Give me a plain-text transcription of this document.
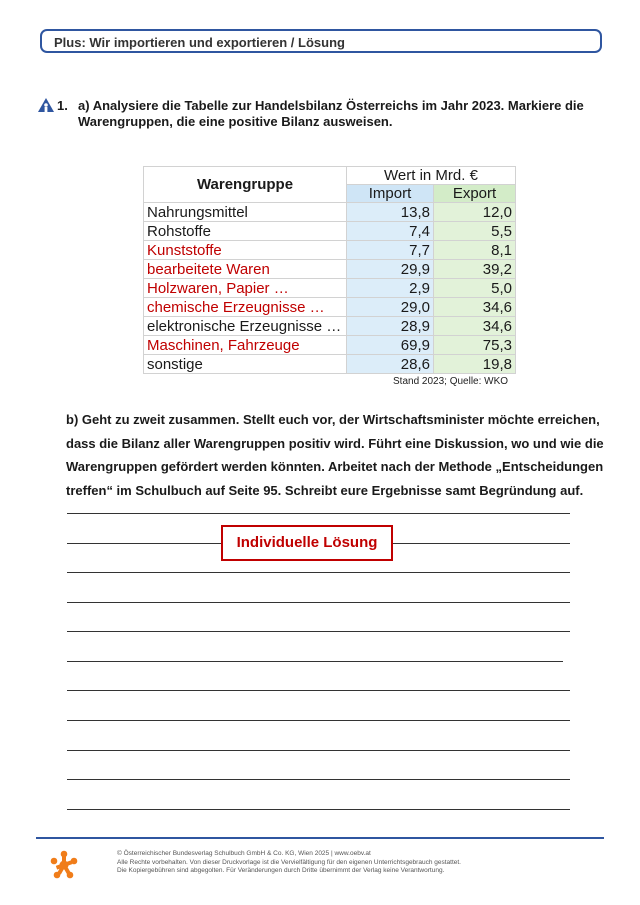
Plus: Wir importieren und exportieren / Lösung
1. a) Analysiere die Tabelle zur Handelsbilanz Österreichs im Jahr 2023. Markiere die Warengruppen, die eine positive Bilanz ausweisen.
Warengruppe	Wert in Mrd. €	
	Import	Export
Nahrungsmittel	13,8	12,0
Rohstoffe	7,4	5,5
Kunststoffe	7,7	8,1
bearbeitete Waren	29,9	39,2
Holzwaren, Papier …	2,9	5,0
chemische Erzeugnisse …	29,0	34,6
elektronische Erzeugnisse …	28,9	34,6
Maschinen, Fahrzeuge	69,9	75,3
sonstige	28,6	19,8
Stand 2023; Quelle: WKO
b) Geht zu zweit zusammen. Stellt euch vor, der Wirtschaftsminister möchte erreichen, dass die Bilanz aller Warengruppen positiv wird. Führt eine Diskussion, wo und wie die Warengruppen gefördert werden könnten. Arbeitet nach der Methode „Entscheidungen treffen“ im Schulbuch auf Seite 95. Schreibt eure Ergebnisse samt Begründung auf.
Individuelle Lösung
© Österreichischer Bundesverlag Schulbuch GmbH & Co. KG, Wien 2025 | www.oebv.at
Alle Rechte vorbehalten. Von dieser Druckvorlage ist die Vervielfältigung für den eigenen Unterrichtsgebrauch gestattet.
Die Kopiergebühren sind abgegolten. Für Veränderungen durch Dritte übernimmt der Verlag keine Verantwortung.
